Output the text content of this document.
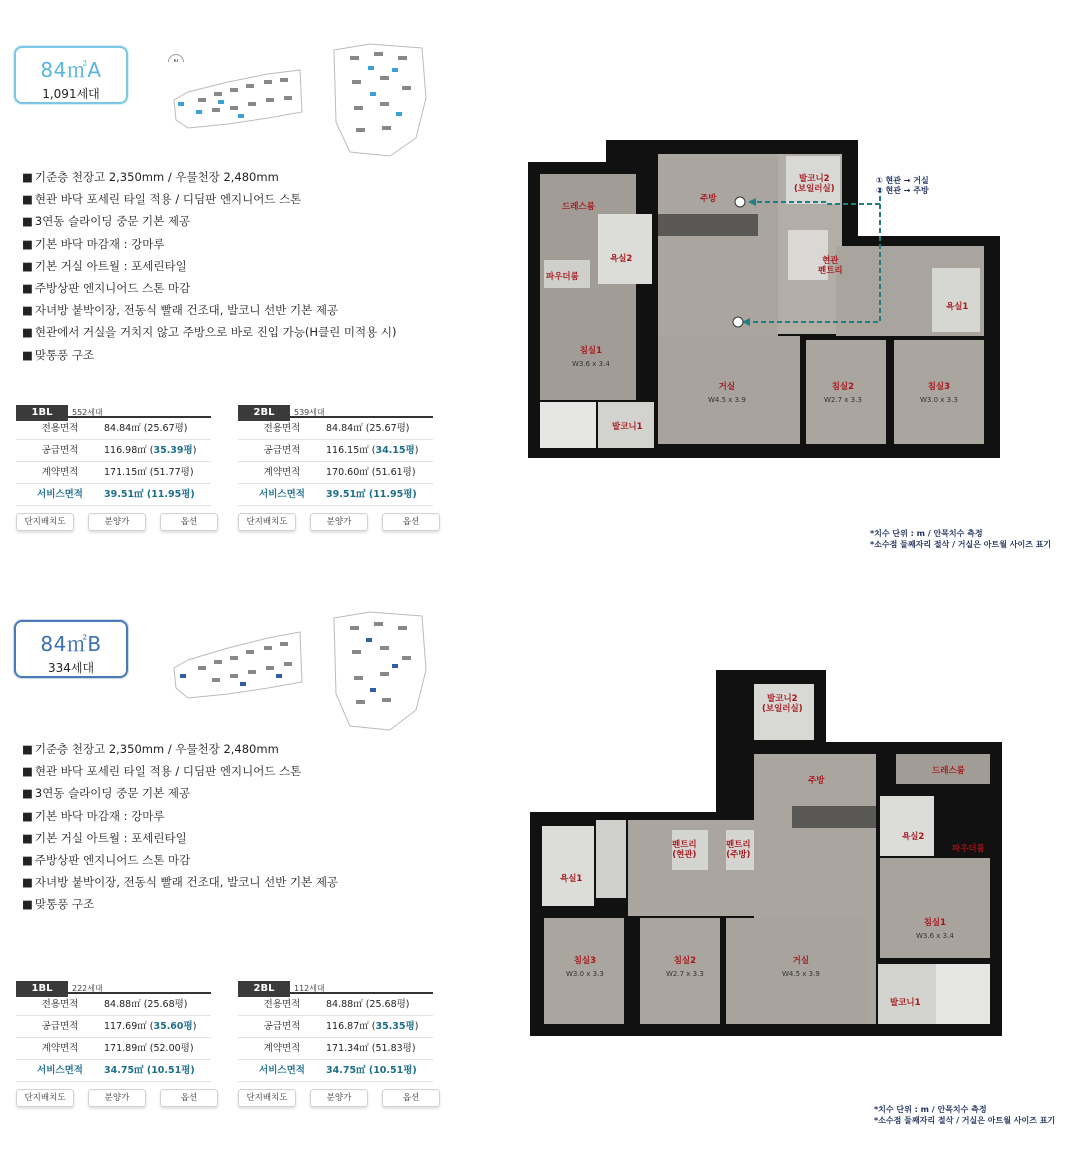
84㎡A
1,091세대
N
■ 기준층 천장고 2,350mm / 우물천장 2,480mm
■ 현관 바닥 포세린 타일 적용 / 디딤판 엔지니어드 스톤
■ 3연동 슬라이딩 중문 기본 제공
■ 기본 바닥 마감재 : 강마루
■ 기본 거실 아트월 : 포세린타일
■ 주방상판 엔지니어드 스톤 마감
■ 자녀방 붙박이장, 전동식 빨래 건조대, 발코니 선반 기본 제공
■ 현관에서 거실을 거치지 않고 주방으로 바로 진입 가능(H클린 미적용 시)
■ 맞통풍 구조
1BL 552세대
전용면적	84.84㎡ (25.67평)
공급면적	116.98㎡ (35.39평)
계약면적	171.15㎡ (51.77평)
서비스면적	39.51㎡ (11.95평)
단지배치도	분양가	옵션
2BL 539세대
전용면적	84.84㎡ (25.67평)
공급면적	116.15㎡ (34.15평)
계약면적	170.60㎡ (51.61평)
서비스면적	39.51㎡ (11.95평)
단지배치도	분양가	옵션
드레스룸
욕실2
파우더룸
주방
발코니2
(보일러실)
현관
펜트리
욕실1
침실1
W3.6 x 3.4
거실
W4.5 x 3.9
침실2
W2.7 x 3.3
침실3
W3.0 x 3.3
발코니1
① 현관 → 거실
② 현관 → 주방
*치수 단위 : m / 안목치수 측정
*소수점 둘째자리 절삭 / 거실은 아트월 사이즈 표기
84㎡B
334세대
N
■ 기준층 천장고 2,350mm / 우물천장 2,480mm
■ 현관 바닥 포세린 타일 적용 / 디딤판 엔지니어드 스톤
■ 3연동 슬라이딩 중문 기본 제공
■ 기본 바닥 마감재 : 강마루
■ 기본 거실 아트월 : 포세린타일
■ 주방상판 엔지니어드 스톤 마감
■ 자녀방 붙박이장, 전동식 빨래 건조대, 발코니 선반 기본 제공
■ 맞통풍 구조
1BL 222세대
전용면적	84.88㎡ (25.68평)
공급면적	117.69㎡ (35.60평)
계약면적	171.89㎡ (52.00평)
서비스면적	34.75㎡ (10.51평)
단지배치도	분양가	옵션
2BL 112세대
전용면적	84.88㎡ (25.68평)
공급면적	116.87㎡ (35.35평)
계약면적	171.34㎡ (51.83평)
서비스면적	34.75㎡ (10.51평)
단지배치도	분양가	옵션
발코니2
(보일러실)
주방
드레스룸
펜트리
(현관)
펜트리
(주방)
욕실2
파우더룸
욕실1
침실1
W3.6 x 3.4
침실3
W3.0 x 3.3
침실2
W2.7 x 3.3
거실
W4.5 x 3.9
발코니1
*치수 단위 : m / 안목치수 측정
*소수점 둘째자리 절삭 / 거실은 아트월 사이즈 표기
